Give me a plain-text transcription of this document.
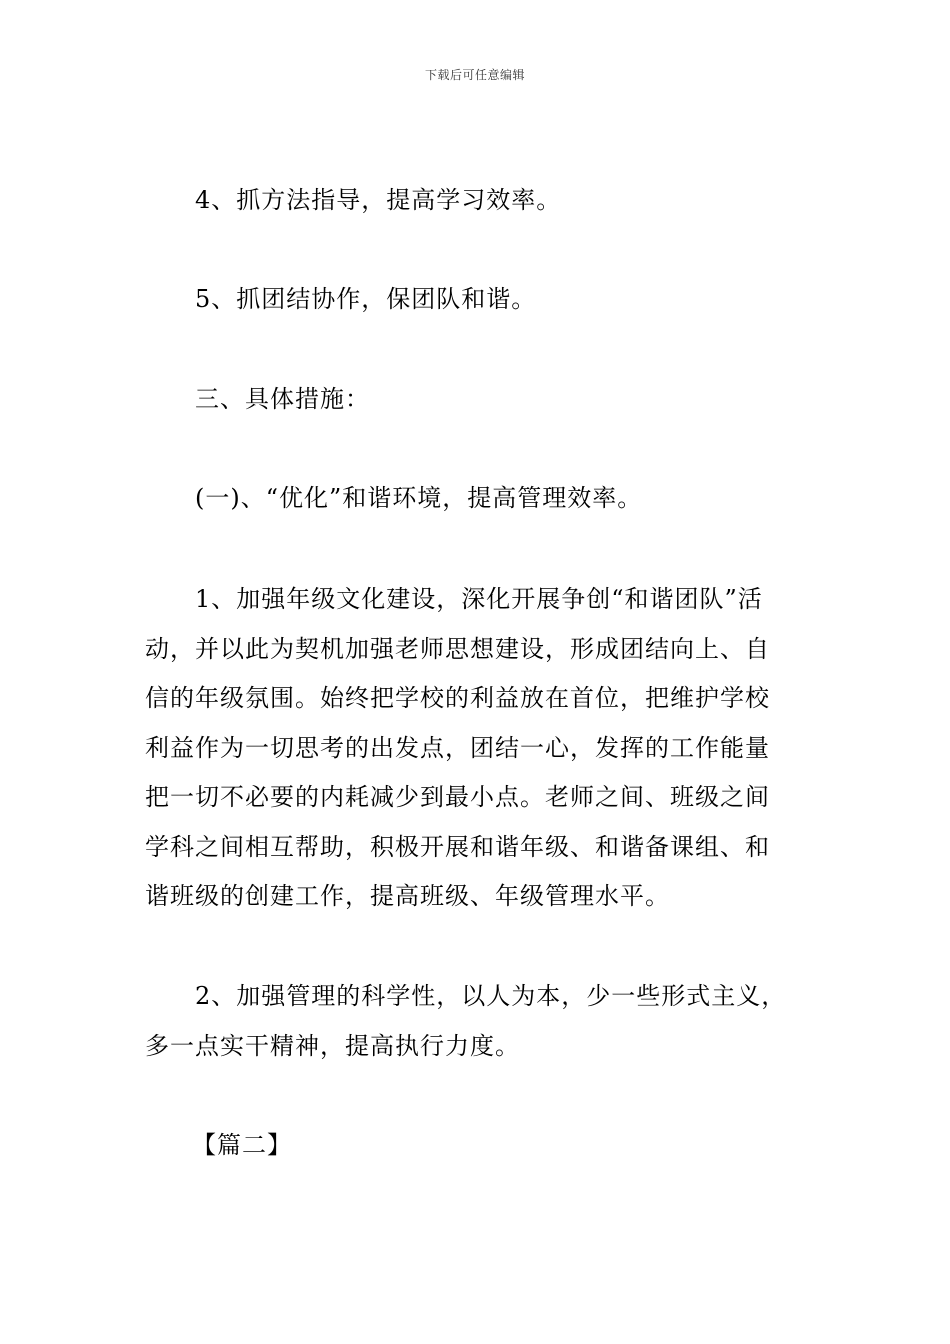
下载后可任意编辑
4、抓方法指导，提高学习效率。
5、抓团结协作，保团队和谐。
三、具体措施：
(一)、“优化”和谐环境，提高管理效率。
1、加强年级文化建设，深化开展争创“和谐团队”活
动，并以此为契机加强老师思想建设，形成团结向上、自
信的年级氛围。始终把学校的利益放在首位，把维护学校
利益作为一切思考的出发点，团结一心，发挥的工作能量
把一切不必要的内耗减少到最小点。老师之间、班级之间
学科之间相互帮助，积极开展和谐年级、和谐备课组、和
谐班级的创建工作，提高班级、年级管理水平。
2、加强管理的科学性，以人为本，少一些形式主义，
多一点实干精神，提高执行力度。
【篇二】
